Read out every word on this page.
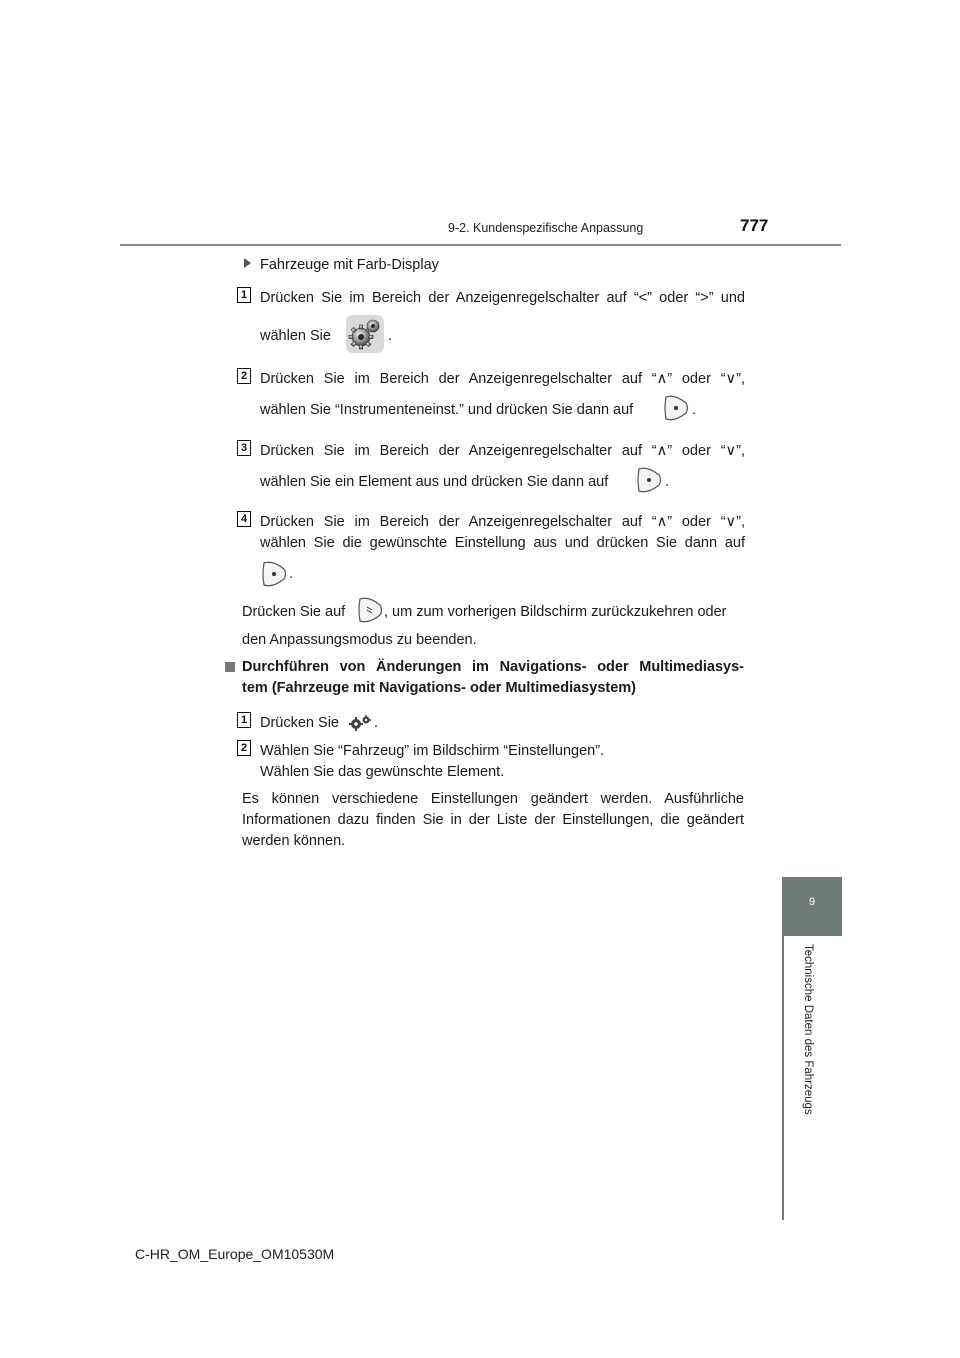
9-2. Kundenspezifische Anpassung	777
9
Technische Daten des Fahrzeugs
Fahrzeuge mit Farb-Display
1 Drücken Sie im Bereich der Anzeigenregelschalter auf “<” oder “>” und
wählen Sie	.
2 Drücken Sie im Bereich der Anzeigenregelschalter auf “∧” oder “∨”,
wählen Sie “Instrumenteneinst.” und drücken Sie dann auf	.
3 Drücken Sie im Bereich der Anzeigenregelschalter auf “∧” oder “∨”,
wählen Sie ein Element aus und drücken Sie dann auf	.
4 Drücken Sie im Bereich der Anzeigenregelschalter auf “∧” oder “∨”,
wählen Sie die gewünschte Einstellung aus und drücken Sie dann auf
.
Drücken Sie auf	, um zum vorherigen Bildschirm zurückzukehren oder
den Anpassungsmodus zu beenden.
Durchführen von Änderungen im Navigations- oder Multimediasys-
tem (Fahrzeuge mit Navigations- oder Multimediasystem)
1 Drücken Sie .
2 Wählen Sie “Fahrzeug” im Bildschirm “Einstellungen”.
Wählen Sie das gewünschte Element.
Es können verschiedene Einstellungen geändert werden. Ausführliche
Informationen dazu finden Sie in der Liste der Einstellungen, die geändert
werden können.
C-HR_OM_Europe_OM10530M
